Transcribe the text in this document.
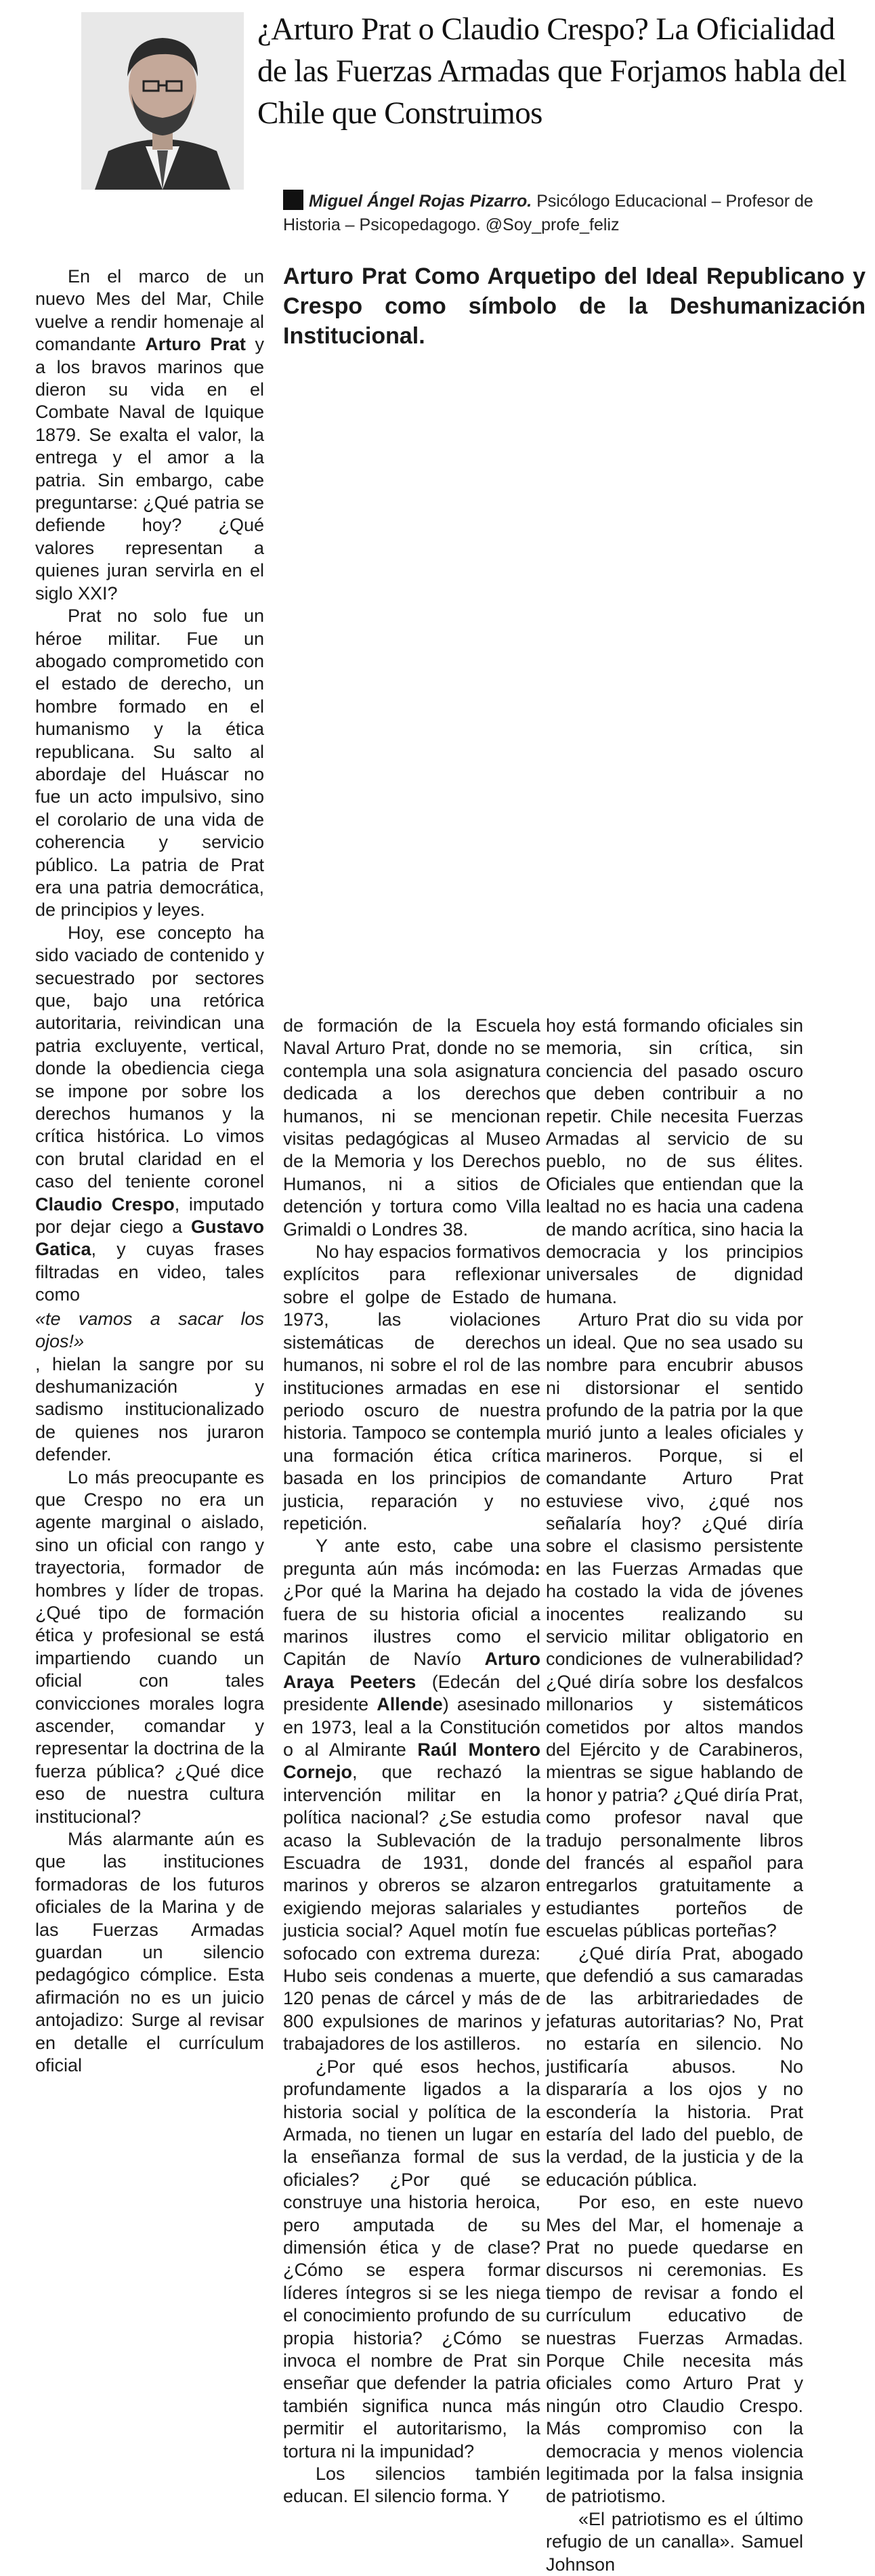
¿Arturo Prat o Claudio Crespo? La Oficialidad de las Fuerzas Armadas que Forjamos habla del Chile que Construimos
Miguel Ángel Rojas Pizarro. Psicólogo Educacional – Profesor de Historia – Psicopedagogo. @Soy_profe_feliz

En el marco de un nuevo Mes del Mar, Chile vuelve a rendir homenaje al comandante Arturo Prat y a los bravos marinos que dieron su vida en el Combate Naval de Iquique 1879. Se exalta el valor, la entrega y el amor a la patria. Sin embargo, cabe preguntarse: ¿Qué patria se defiende hoy? ¿Qué valores representan a quienes juran servirla en el siglo XXI?

Prat no solo fue un héroe militar. Fue un abogado comprometido con el estado de derecho, un hombre formado en el humanismo y la ética republicana. Su salto al abordaje del Huáscar no fue un acto impulsivo, sino el corolario de una vida de coherencia y servicio público. La patria de Prat era una patria democrática, de principios y leyes.

Hoy, ese concepto ha sido vaciado de contenido y secuestrado por sectores que, bajo una retórica autoritaria, reivindican una patria excluyente, vertical, donde la obediencia ciega se impone por sobre los derechos humanos y la crítica histórica. Lo vimos con brutal claridad en el caso del teniente coronel Claudio Crespo, imputado por dejar ciego a Gustavo Gatica, y cuyas frases filtradas en video, tales como
«te vamos a sacar los ojos!»
, hielan la sangre por su deshumanización y sadismo institucionalizado de quienes nos juraron defender.

Lo más preocupante es que Crespo no era un agente marginal o aislado, sino un oficial con rango y trayectoria, formador de hombres y líder de tropas. ¿Qué tipo de formación ética y profesional se está impartiendo cuando un oficial con tales convicciones morales logra ascender, comandar y representar la doctrina de la fuerza pública? ¿Qué dice eso de nuestra cultura institucional?

Más alarmante aún es que las instituciones formadoras de los futuros oficiales de la Marina y de las Fuerzas Armadas guardan un silencio pedagógico cómplice. Esta afirmación no es un juicio antojadizo: Surge al revisar en detalle el currículum oficial

Arturo Prat Como Arquetipo del Ideal Republicano y Crespo como símbolo de la Deshumanización Institucional.

de formación de la Escuela Naval Arturo Prat, donde no se contempla una sola asignatura dedicada a los derechos humanos, ni se mencionan visitas pedagógicas al Museo de la Memoria y los Derechos Humanos, ni a sitios de detención y tortura como Villa Grimaldi o Londres 38.

No hay espacios formativos explícitos para reflexionar sobre el golpe de Estado de 1973, las violaciones sistemáticas de derechos humanos, ni sobre el rol de las instituciones armadas en ese periodo oscuro de nuestra historia. Tampoco se contempla una formación ética crítica basada en los principios de justicia, reparación y no repetición.

Y ante esto, cabe una pregunta aún más incómoda: ¿Por qué la Marina ha dejado fuera de su historia oficial a marinos ilustres como el Capitán de Navío Arturo Araya Peeters (Edecán del presidente Allende) asesinado en 1973, leal a la Constitución o al Almirante Raúl Montero Cornejo, que rechazó la intervención militar en la política nacional? ¿Se estudia acaso la Sublevación de la Escuadra de 1931, donde marinos y obreros se alzaron exigiendo mejoras salariales y justicia social? Aquel motín fue sofocado con extrema dureza: Hubo seis condenas a muerte, 120 penas de cárcel y más de 800 expulsiones de marinos y trabajadores de los astilleros.

¿Por qué esos hechos, profundamente ligados a la historia social y política de la Armada, no tienen un lugar en la enseñanza formal de sus oficiales? ¿Por qué se construye una historia heroica, pero amputada de su dimensión ética y de clase? ¿Cómo se espera formar líderes íntegros si se les niega el conocimiento profundo de su propia historia? ¿Cómo se invoca el nombre de Prat sin enseñar que defender la patria también significa nunca más permitir el autoritarismo, la tortura ni la impunidad?

Los silencios también educan. El silencio forma. Y

hoy está formando oficiales sin memoria, sin crítica, sin conciencia del pasado oscuro que deben contribuir a no repetir. Chile necesita Fuerzas Armadas al servicio de su pueblo, no de sus élites. Oficiales que entiendan que la lealtad no es hacia una cadena de mando acrítica, sino hacia la democracia y los principios universales de dignidad humana.

Arturo Prat dio su vida por un ideal. Que no sea usado su nombre para encubrir abusos ni distorsionar el sentido profundo de la patria por la que murió junto a leales oficiales y marineros. Porque, si el comandante Arturo Prat estuviese vivo, ¿qué nos señalaría hoy? ¿Qué diría sobre el clasismo persistente en las Fuerzas Armadas que ha costado la vida de jóvenes inocentes realizando su servicio militar obligatorio en condiciones de vulnerabilidad? ¿Qué diría sobre los desfalcos millonarios y sistemáticos cometidos por altos mandos del Ejército y de Carabineros, mientras se sigue hablando de honor y patria? ¿Qué diría Prat, como profesor naval que tradujo personalmente libros del francés al español para entregarlos gratuitamente a estudiantes porteños de escuelas públicas porteñas?

¿Qué diría Prat, abogado que defendió a sus camaradas de las arbitrariedades de jefaturas autoritarias? No, Prat no estaría en silencio. No justificaría abusos. No dispararía a los ojos y no escondería la historia. Prat estaría del lado del pueblo, de la verdad, de la justicia y de la educación pública.

Por eso, en este nuevo Mes del Mar, el homenaje a Prat no puede quedarse en discursos ni ceremonias. Es tiempo de revisar a fondo el currículum educativo de nuestras Fuerzas Armadas. Porque Chile necesita más oficiales como Arturo Prat y ningún otro Claudio Crespo. Más compromiso con la democracia y menos violencia legitimada por la falsa insignia de patriotismo.

«El patriotismo es el último refugio de un canalla». Samuel Johnson
